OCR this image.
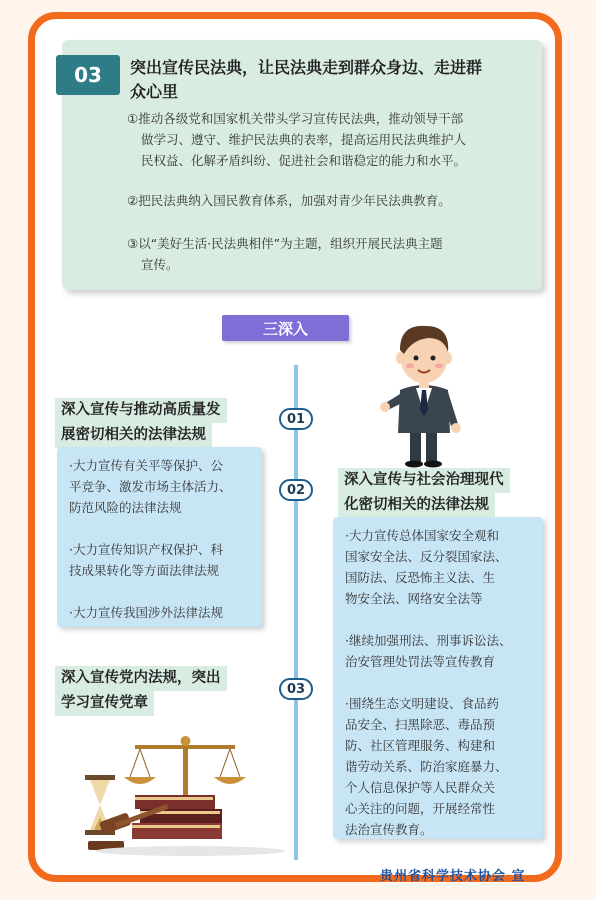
03	突出宣传民法典，让民法典走到群众身边、走进群
众心里
①推动各级党和国家机关带头学习宣传民法典，推动领导干部
做学习、遵守、维护民法典的表率，提高运用民法典维护人
民权益、化解矛盾纠纷、促进社会和谐稳定的能力和水平。
②把民法典纳入国民教育体系，加强对青少年民法典教育。
③以“美好生活·民法典相伴”为主题，组织开展民法典主题
宣传。
三深入
01
02
03
深入宣传与推动高质量发
展密切相关的法律法规
深入宣传与社会治理现代
化密切相关的法律法规
深入宣传党内法规，突出
学习宣传党章

·大力宣传有关平等保护、公

平竞争、激发市场主体活力、

防范风险的法律法规

·大力宣传知识产权保护、科

技成果转化等方面法律法规

·大力宣传我国涉外法律法规

·大力宣传总体国家安全观和

国家安全法、反分裂国家法、

国防法、反恐怖主义法、生

物安全法、网络安全法等

·继续加强刑法、刑事诉讼法、

治安管理处罚法等宣传教育

·围绕生态文明建设、食品药

品安全、扫黑除恶、毒品预

防、社区管理服务、构建和

谐劳动关系、防治家庭暴力、

个人信息保护等人民群众关

心关注的问题，开展经常性

法治宣传教育。

贵州省科学技术协会 宣
